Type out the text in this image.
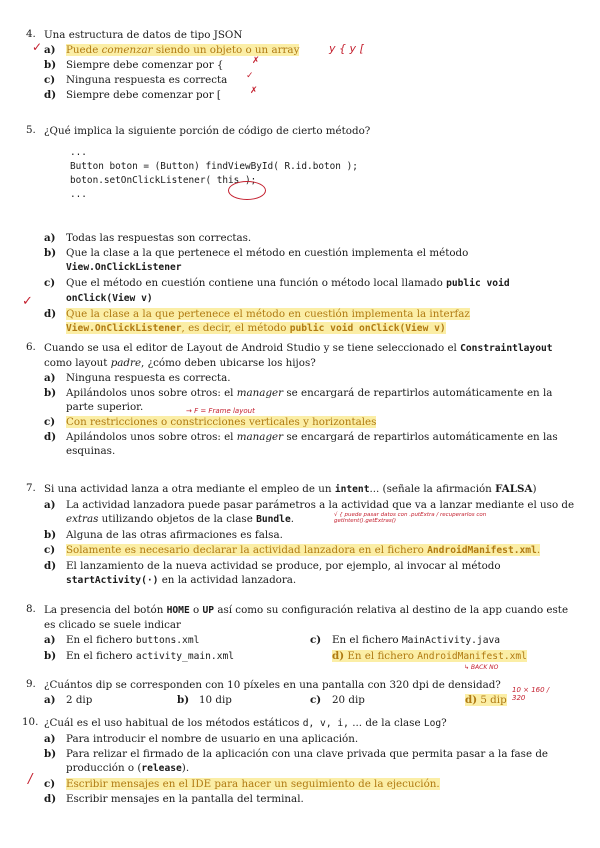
4. Una estructura de datos de tipo JSON
a) Puede comenzar siendo un objeto o un array
b) Siempre debe comenzar por {
c) Ninguna respuesta es correcta
d) Siempre debe comenzar por [
y { y [
✓
✗
✓
✗
5. ¿Qué implica la siguiente porción de código de cierto método?
...
Button boton = (Button) findViewById( R.id.boton );
boton.setOnClickListener( this );
...
a) Todas las respuestas son correctas.
b) Que la clase a la que pertenece el método en cuestión implementa el método View.OnClickListener
c) Que el método en cuestión contiene una función o método local llamado public void onClick(View v)
d) Que la clase a la que pertenece el método en cuestión implementa la interfaz View.OnClickListener, es decir, el método public void onClick(View v)
✓
6. Cuando se usa el editor de Layout de Android Studio y se tiene seleccionado el Constraintlayout como layout padre, ¿cómo deben ubicarse los hijos?
a) Ninguna respuesta es correcta.
b) Apilándolos unos sobre otros: el manager se encargará de repartirlos automáticamente en la parte superior.
c) Con restricciones o constricciones verticales y horizontales
d) Apilándolos unos sobre otros: el manager se encargará de repartirlos automáticamente en las esquinas.
→ F = Frame layout
7. Si una actividad lanza a otra mediante el empleo de un intent... (señale la afirmación FALSA)
a) La actividad lanzadora puede pasar parámetros a la actividad que va a lanzar mediante el uso de extras utilizando objetos de la clase Bundle.
b) Alguna de las otras afirmaciones es falsa.
c) Solamente es necesario declarar la actividad lanzadora en el fichero AndroidManifest.xml.
d) El lanzamiento de la nueva actividad se produce, por ejemplo, al invocar al método startActivity(·) en la actividad lanzadora.
√ { puede pasar datos con .putExtra / recuperarlos con getIntent().getExtras()
8. La presencia del botón HOME o UP así como su configuración relativa al destino de la app cuando este es clicado se suele indicar
a) En el fichero buttons.xml	c) En el fichero MainActivity.java
b) En el fichero activity_main.xml	d) En el fichero AndroidManifest.xml
↳ BACK NO
9. ¿Cuántos dip se corresponden con 10 píxeles en una pantalla con 320 dpi de densidad?
a) 2 dip	b) 10 dip	c) 20 dip	d) 5 dip
10 × 160 / 320
10. ¿Cuál es el uso habitual de los métodos estáticos d, v, i, ... de la clase Log?
a) Para introducir el nombre de usuario en una aplicación.
b) Para relizar el firmado de la aplicación con una clave privada que permita pasar a la fase de producción o (release).
c) Escribir mensajes en el IDE para hacer un seguimiento de la ejecución.
d) Escribir mensajes en la pantalla del terminal.
/
